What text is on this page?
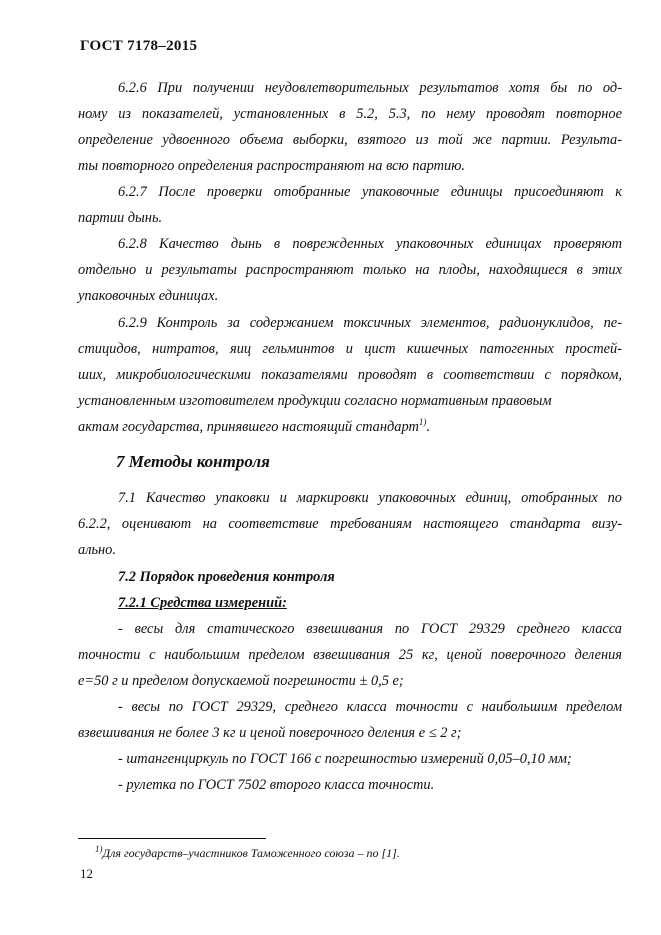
ГОСТ 7178–2015
6.2.6 При получении неудовлетворительных результатов хотя бы по од-
ному из показателей, установленных в 5.2, 5.3, по нему проводят повторное
определение удвоенного объема выборки, взятого из той же партии. Результа-
ты повторного определения распространяют на всю партию.
6.2.7 После проверки отобранные упаковочные единицы присоединяют к
партии дынь.
6.2.8 Качество дынь в поврежденных упаковочных единицах проверяют
отдельно и результаты распространяют только на плоды, находящиеся в этих
упаковочных единицах.
6.2.9 Контроль за содержанием токсичных элементов, радионуклидов, пе-
стицидов, нитратов, яиц гельминтов и цист кишечных патогенных простей-
ших, микробиологическими показателями проводят в соответствии с порядком,
установленным изготовителем продукции согласно нормативным правовым
актам государства, принявшего настоящий стандарт$^{1)}$.
7 Методы контроля
7.1 Качество упаковки и маркировки упаковочных единиц, отобранных по
6.2.2, оценивают на соответствие требованиям настоящего стандарта визу-
ально.
7.2 Порядок проведения контроля
7.2.1 Средства измерений:
- весы для статического взвешивания по ГОСТ 29329 среднего класса
точности с наибольшим пределом взвешивания 25 кг, ценой поверочного деления
е=50 г и пределом допускаемой погрешности ± 0,5 е;
- весы по ГОСТ 29329, среднего класса точности с наибольшим пределом
взвешивания не более 3 кг и ценой поверочного деления е ≤ 2 г;
- штангенциркуль по ГОСТ 166 с погрешностью измерений 0,05–0,10 мм;
- рулетка по ГОСТ 7502 второго класса точности.
$^{1)}$Для государств–участников Таможенного союза – по [1].
12
